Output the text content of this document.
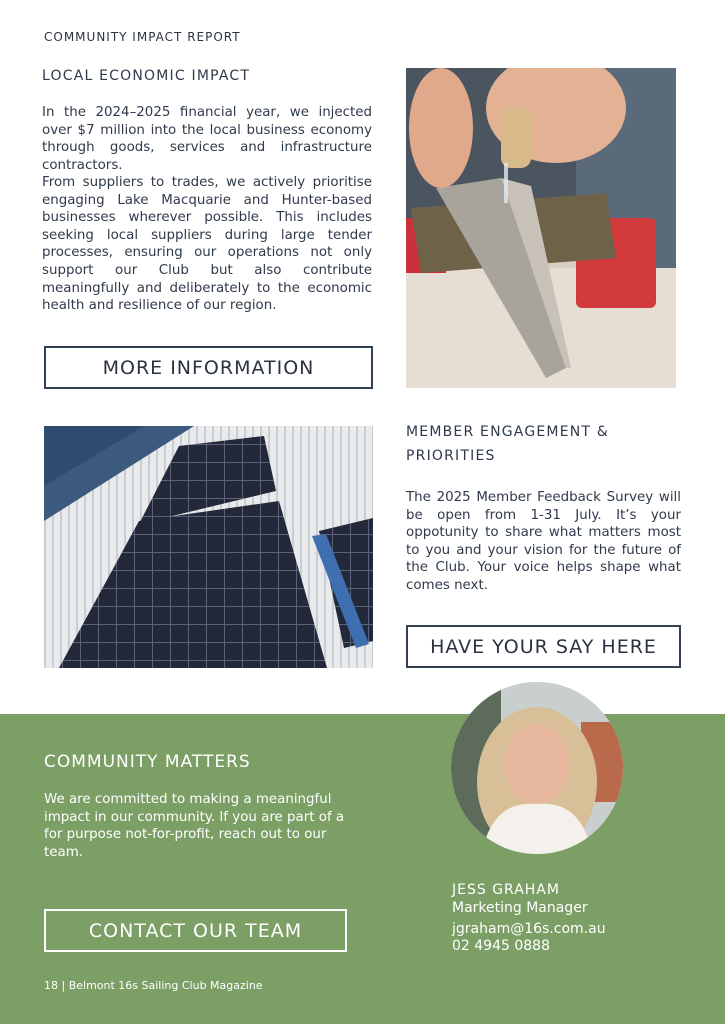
COMMUNITY IMPACT REPORT
LOCAL ECONOMIC IMPACT
In the 2024–2025 financial year, we injected over $7 million into the local business economy through goods, services and infrastructure contractors.
From suppliers to trades, we actively prioritise engaging Lake Macquarie and Hunter-based businesses wherever possible. This includes seeking local suppliers during large tender processes, ensuring our operations not only support our Club but also contribute meaningfully and deliberately to the economic health and resilience of our region.
MORE INFORMATION
MEMBER ENGAGEMENT &
PRIORITIES
The 2025 Member Feedback Survey will be open from 1-31 July. It’s your oppotunity to share what matters most to you and your vision for the future of the Club. Your voice helps shape what comes next.
HAVE YOUR SAY HERE
COMMUNITY MATTERS
We are committed to making a meaningful impact in our community. If you are part of a for purpose not-for-profit, reach out to our team.
CONTACT OUR TEAM
JESS GRAHAM
Marketing Manager
jgraham@16s.com.au
02 4945 0888
18 | Belmont 16s Sailing Club Magazine
